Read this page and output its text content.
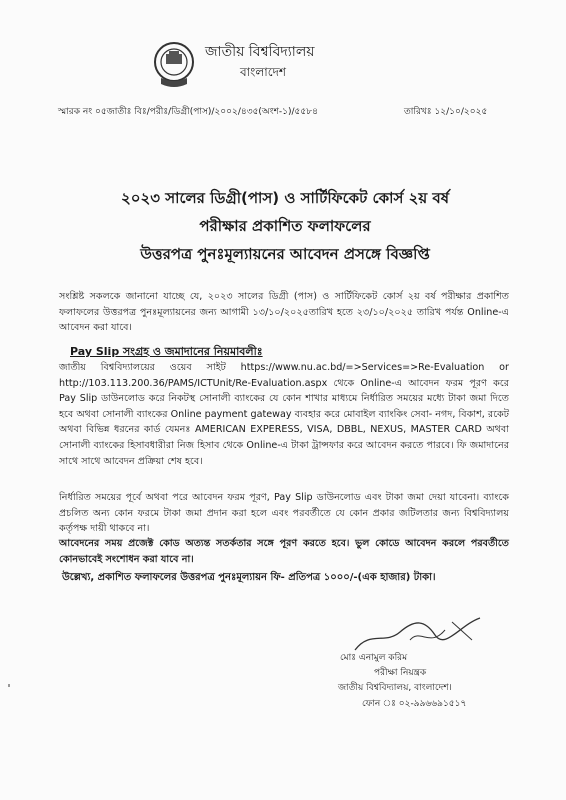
জাতীয় বিশ্ববিদ্যালয়
বাংলাদেশ
স্মারক নং ০৫জাতীঃ বিঃ/পরীঃ/ডিগ্রী(পাস)/২০০২/৪৩৫(অংশ-১)/৫৫৮৪	তারিখঃ ১২/১০/২০২৫
২০২৩ সালের ডিগ্রী(পাস) ও সার্টিফিকেট কোর্স ২য় বর্ষ
পরীক্ষার প্রকাশিত ফলাফলের
উত্তরপত্র পুনঃমূল্যায়নের আবেদন প্রসঙ্গে বিজ্ঞপ্তি
সংশ্লিষ্ট সকলকে জানানো যাচ্ছে যে, ২০২৩ সালের ডিগ্রী (পাস) ও সার্টিফিকেট কোর্স ২য় বর্ষ পরীক্ষার প্রকাশিত ফলাফলের উত্তরপত্র পুনঃমূল্যায়নের জন্য আগামী ১৩/১০/২০২৫তারিখ হতে ২৩/১০/২০২৫ তারিখ পর্যন্ত Online-এ আবেদন করা যাবে।
Pay Slip সংগ্রহ ও জমাদানের নিয়মাবলীঃ
জাতীয় বিশ্ববিদ্যালয়ের ওয়েব সাইট https://www.nu.ac.bd/=>Services=>Re-Evaluation or http://103.113.200.36/PAMS/ICTUnit/Re-Evaluation.aspx থেকে Online-এ আবেদন ফরম পূরণ করে Pay Slip ডাউনলোড করে নিকটস্থ সোনালী ব্যাংকের যে কোন শাখার মাধ্যমে নির্ধারিত সময়ের মধ্যে টাকা জমা দিতে হবে অথবা সোনালী ব্যাংকের Online payment gateway ব্যবহার করে মোবাইল ব্যাংকিং সেবা- নগদ, বিকাশ, রকেট অথবা বিভিন্ন ধরনের কার্ড যেমনঃ AMERICAN EXPERESS, VISA, DBBL, NEXUS, MASTER CARD অথবা সোনালী ব্যাংকের হিসাবধারীরা নিজ হিসাব থেকে Online-এ টাকা ট্রান্সফার করে আবেদন করতে পারবে। ফি জমাদানের সাথে সাথে আবেদন প্রক্রিয়া শেষ হবে।
নির্ধারিত সময়ের পূর্বে অথবা পরে আবেদন ফরম পূরণ, Pay Slip ডাউনলোড এবং টাকা জমা দেয়া যাবেনা। ব্যাংকে প্রচলিত অন্য কোন ফরমে টাকা জমা প্রদান করা হলে এবং পরবর্তীতে যে কোন প্রকার জটিলতার জন্য বিশ্ববিদ্যালয় কর্তৃপক্ষ দায়ী থাকবে না।
আবেদনের সময় প্রজেক্ট কোড অত্যন্ত সতর্কতার সঙ্গে পূরণ করতে হবে। ভুল কোডে আবেদন করলে পরবর্তীতে কোনভাবেই সংশোধন করা যাবে না।
উল্লেখ্য, প্রকাশিত ফলাফলের উত্তরপত্র পুনঃমূল্যায়ন ফি- প্রতিপত্র ১০০০/-(এক হাজার) টাকা।
মোঃ এনামুল করিম
পরীক্ষা নিয়ন্ত্রক
জাতীয় বিশ্ববিদ্যালয়, বাংলাদেশ।
ফোন ঃ ০২-৯৯৬৬৯১৫১৭
